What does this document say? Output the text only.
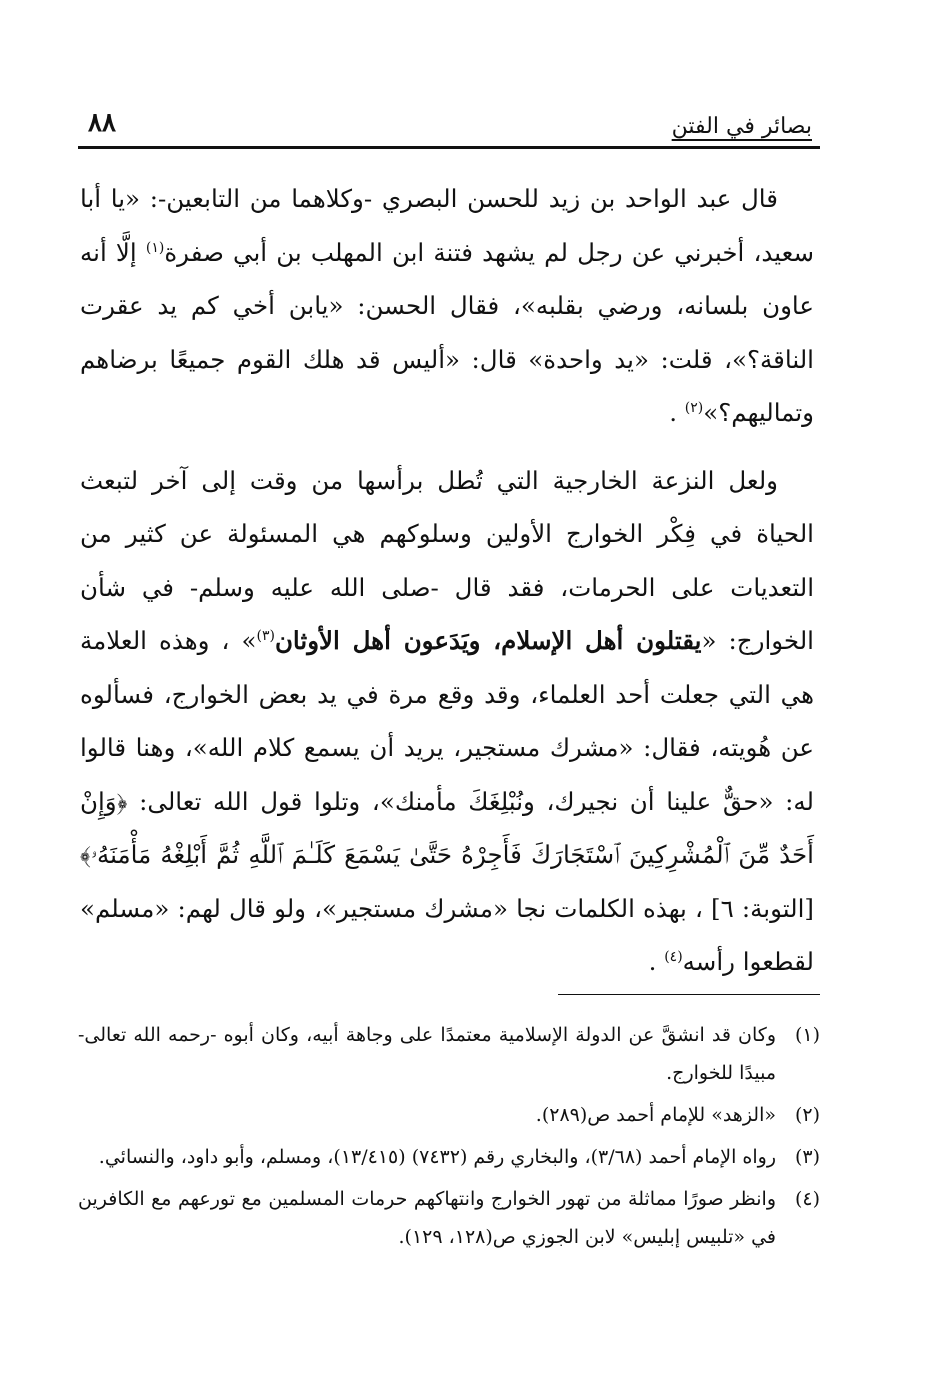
٨٨	بصائر في الفتن

قال عبد الواحد بن زيد للحسن البصري -وكلاهما من التابعين-: «يا أبا سعيد، أخبرني عن رجل لم يشهد فتنة ابن المهلب بن أبي صفرة$^{(١)}$ إلَّا أنه عاون بلسانه، ورضي بقلبه»، فقال الحسن: «يابن أخي كم يد عقرت الناقة؟»، قلت: «يد واحدة» قال: «أليس قد هلك القوم جميعًا برضاهم وتماليهم؟»$^{(٢)}$ .

ولعل النزعة الخارجية التي تُطل برأسها من وقت إلى آخر لتبعث الحياة في فِكْر الخوارج الأولين وسلوكهم هي المسئولة عن كثير من التعديات على الحرمات، فقد قال -صلى الله عليه وسلم- في شأن الخوارج: «يقتلون أهل الإسلام، ويَدَعون أهل الأوثان$^{(٣)}$» ، وهذه العلامة هي التي جعلت أحد العلماء، وقد وقع مرة في يد بعض الخوارج، فسألوه عن هُويته، فقال: «مشرك مستجير، يريد أن يسمع كلام الله»، وهنا قالوا له: «حقٌّ علينا أن نجيرك، ونُبْلِغَكَ مأمنك»، وتلوا قول الله تعالى: ﴿وَإِنْ أَحَدٌ مِّنَ ٱلْمُشْرِكِينَ ٱسْتَجَارَكَ فَأَجِرْهُ حَتَّىٰ يَسْمَعَ كَلَـٰمَ ٱللَّهِ ثُمَّ أَبْلِغْهُ مَأْمَنَهُۥ﴾ [التوبة: ٦] ، بهذه الكلمات نجا «مشرك مستجير»، ولو قال لهم: «مسلم» لقطعوا رأسه$^{(٤)}$ .

(١)
وكان قد انشقَّ عن الدولة الإسلامية معتمدًا على وجاهة أبيه، وكان أبوه -رحمه الله تعالى- مبيدًا للخوارج.
(٢)
«الزهد» للإمام أحمد ص(٢٨٩).
(٣)
رواه الإمام أحمد (٣/٦٨)، والبخاري رقم (٧٤٣٢) (١٣/٤١٥)، ومسلم، وأبو داود، والنسائي.
(٤)
وانظر صورًا مماثلة من تهور الخوارج وانتهاكهم حرمات المسلمين مع تورعهم مع الكافرين في «تلبيس إبليس» لابن الجوزي ص(١٢٨، ١٢٩).
